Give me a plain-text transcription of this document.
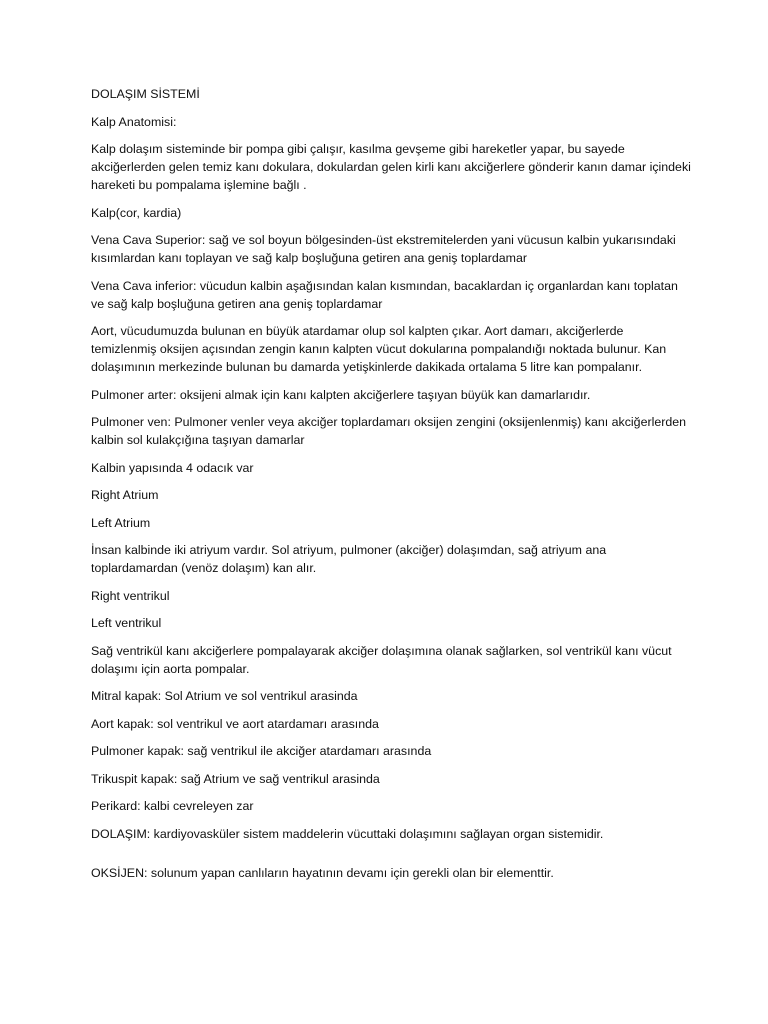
DOLAŞIM SİSTEMİ

Kalp Anatomisi:

Kalp dolaşım sisteminde bir pompa gibi çalışır, kasılma gevşeme gibi hareketler yapar, bu sayede akciğerlerden gelen temiz kanı dokulara, dokulardan gelen kirli kanı akciğerlere gönderir kanın damar içindeki hareketi bu pompalama işlemine bağlı .

Kalp(cor, kardia)

Vena Cava Superior: sağ ve sol boyun bölgesinden-üst ekstremitelerden yani vücusun kalbin yukarısındaki kısımlardan kanı toplayan ve sağ kalp boşluğuna getiren ana geniş toplardamar

Vena Cava inferior: vücudun kalbin aşağısından kalan kısmından, bacaklardan iç organlardan kanı toplatan ve sağ kalp boşluğuna getiren ana geniş toplardamar

Aort, vücudumuzda bulunan en büyük atardamar olup sol kalpten çıkar. Aort damarı, akciğerlerde temizlenmiş oksijen açısından zengin kanın kalpten vücut dokularına pompalandığı noktada bulunur. Kan dolaşımının merkezinde bulunan bu damarda yetişkinlerde dakikada ortalama 5 litre kan pompalanır.

Pulmoner arter: oksijeni almak için kanı kalpten akciğerlere taşıyan büyük kan damarlarıdır.

Pulmoner ven: Pulmoner venler veya akciğer toplardamarı oksijen zengini (oksijenlenmiş) kanı akciğerlerden kalbin sol kulakçığına taşıyan damarlar

Kalbin yapısında 4 odacık var

Right Atrium

Left Atrium

İnsan kalbinde iki atriyum vardır. Sol atriyum, pulmoner (akciğer) dolaşımdan, sağ atriyum ana toplardamardan (venöz dolaşım) kan alır.

Right ventrikul

Left ventrikul

Sağ ventrikül kanı akciğerlere pompalayarak akciğer dolaşımına olanak sağlarken, sol ventrikül kanı vücut dolaşımı için aorta pompalar.

Mitral kapak: Sol Atrium ve sol ventrikul arasinda

Aort kapak: sol ventrikul ve aort atardamarı arasında

Pulmoner kapak: sağ ventrikul ile akciğer atardamarı arasında

Trikuspit kapak: sağ Atrium ve sağ ventrikul arasinda

Perikard: kalbi cevreleyen zar

DOLAŞIM: kardiyovasküler sistem maddelerin vücuttaki dolaşımını sağlayan organ sistemidir.

OKSİJEN: solunum yapan canlıların hayatının devamı için gerekli olan bir elementtir.
